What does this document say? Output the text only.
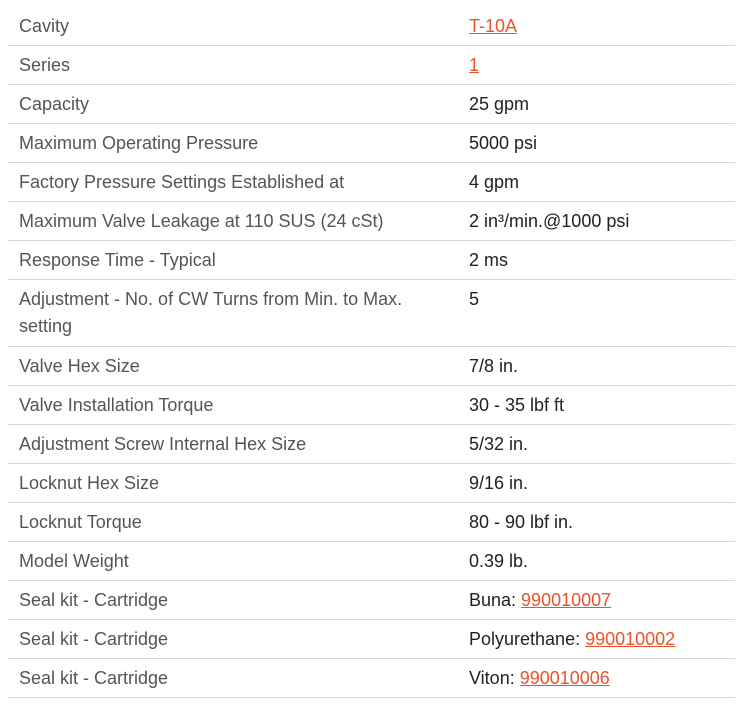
Cavity	T-10A
Series	1
Capacity	25 gpm
Maximum Operating Pressure	5000 psi
Factory Pressure Settings Established at	4 gpm
Maximum Valve Leakage at 110 SUS (24 cSt)	2 in³/min.@1000 psi
Response Time - Typical	2 ms
Adjustment - No. of CW Turns from Min. to Max. setting	5
Valve Hex Size	7/8 in.
Valve Installation Torque	30 - 35 lbf ft
Adjustment Screw Internal Hex Size	5/32 in.
Locknut Hex Size	9/16 in.
Locknut Torque	80 - 90 lbf in.
Model Weight	0.39 lb.
Seal kit - Cartridge	Buna: 990010007
Seal kit - Cartridge	Polyurethane: 990010002
Seal kit - Cartridge	Viton: 990010006
